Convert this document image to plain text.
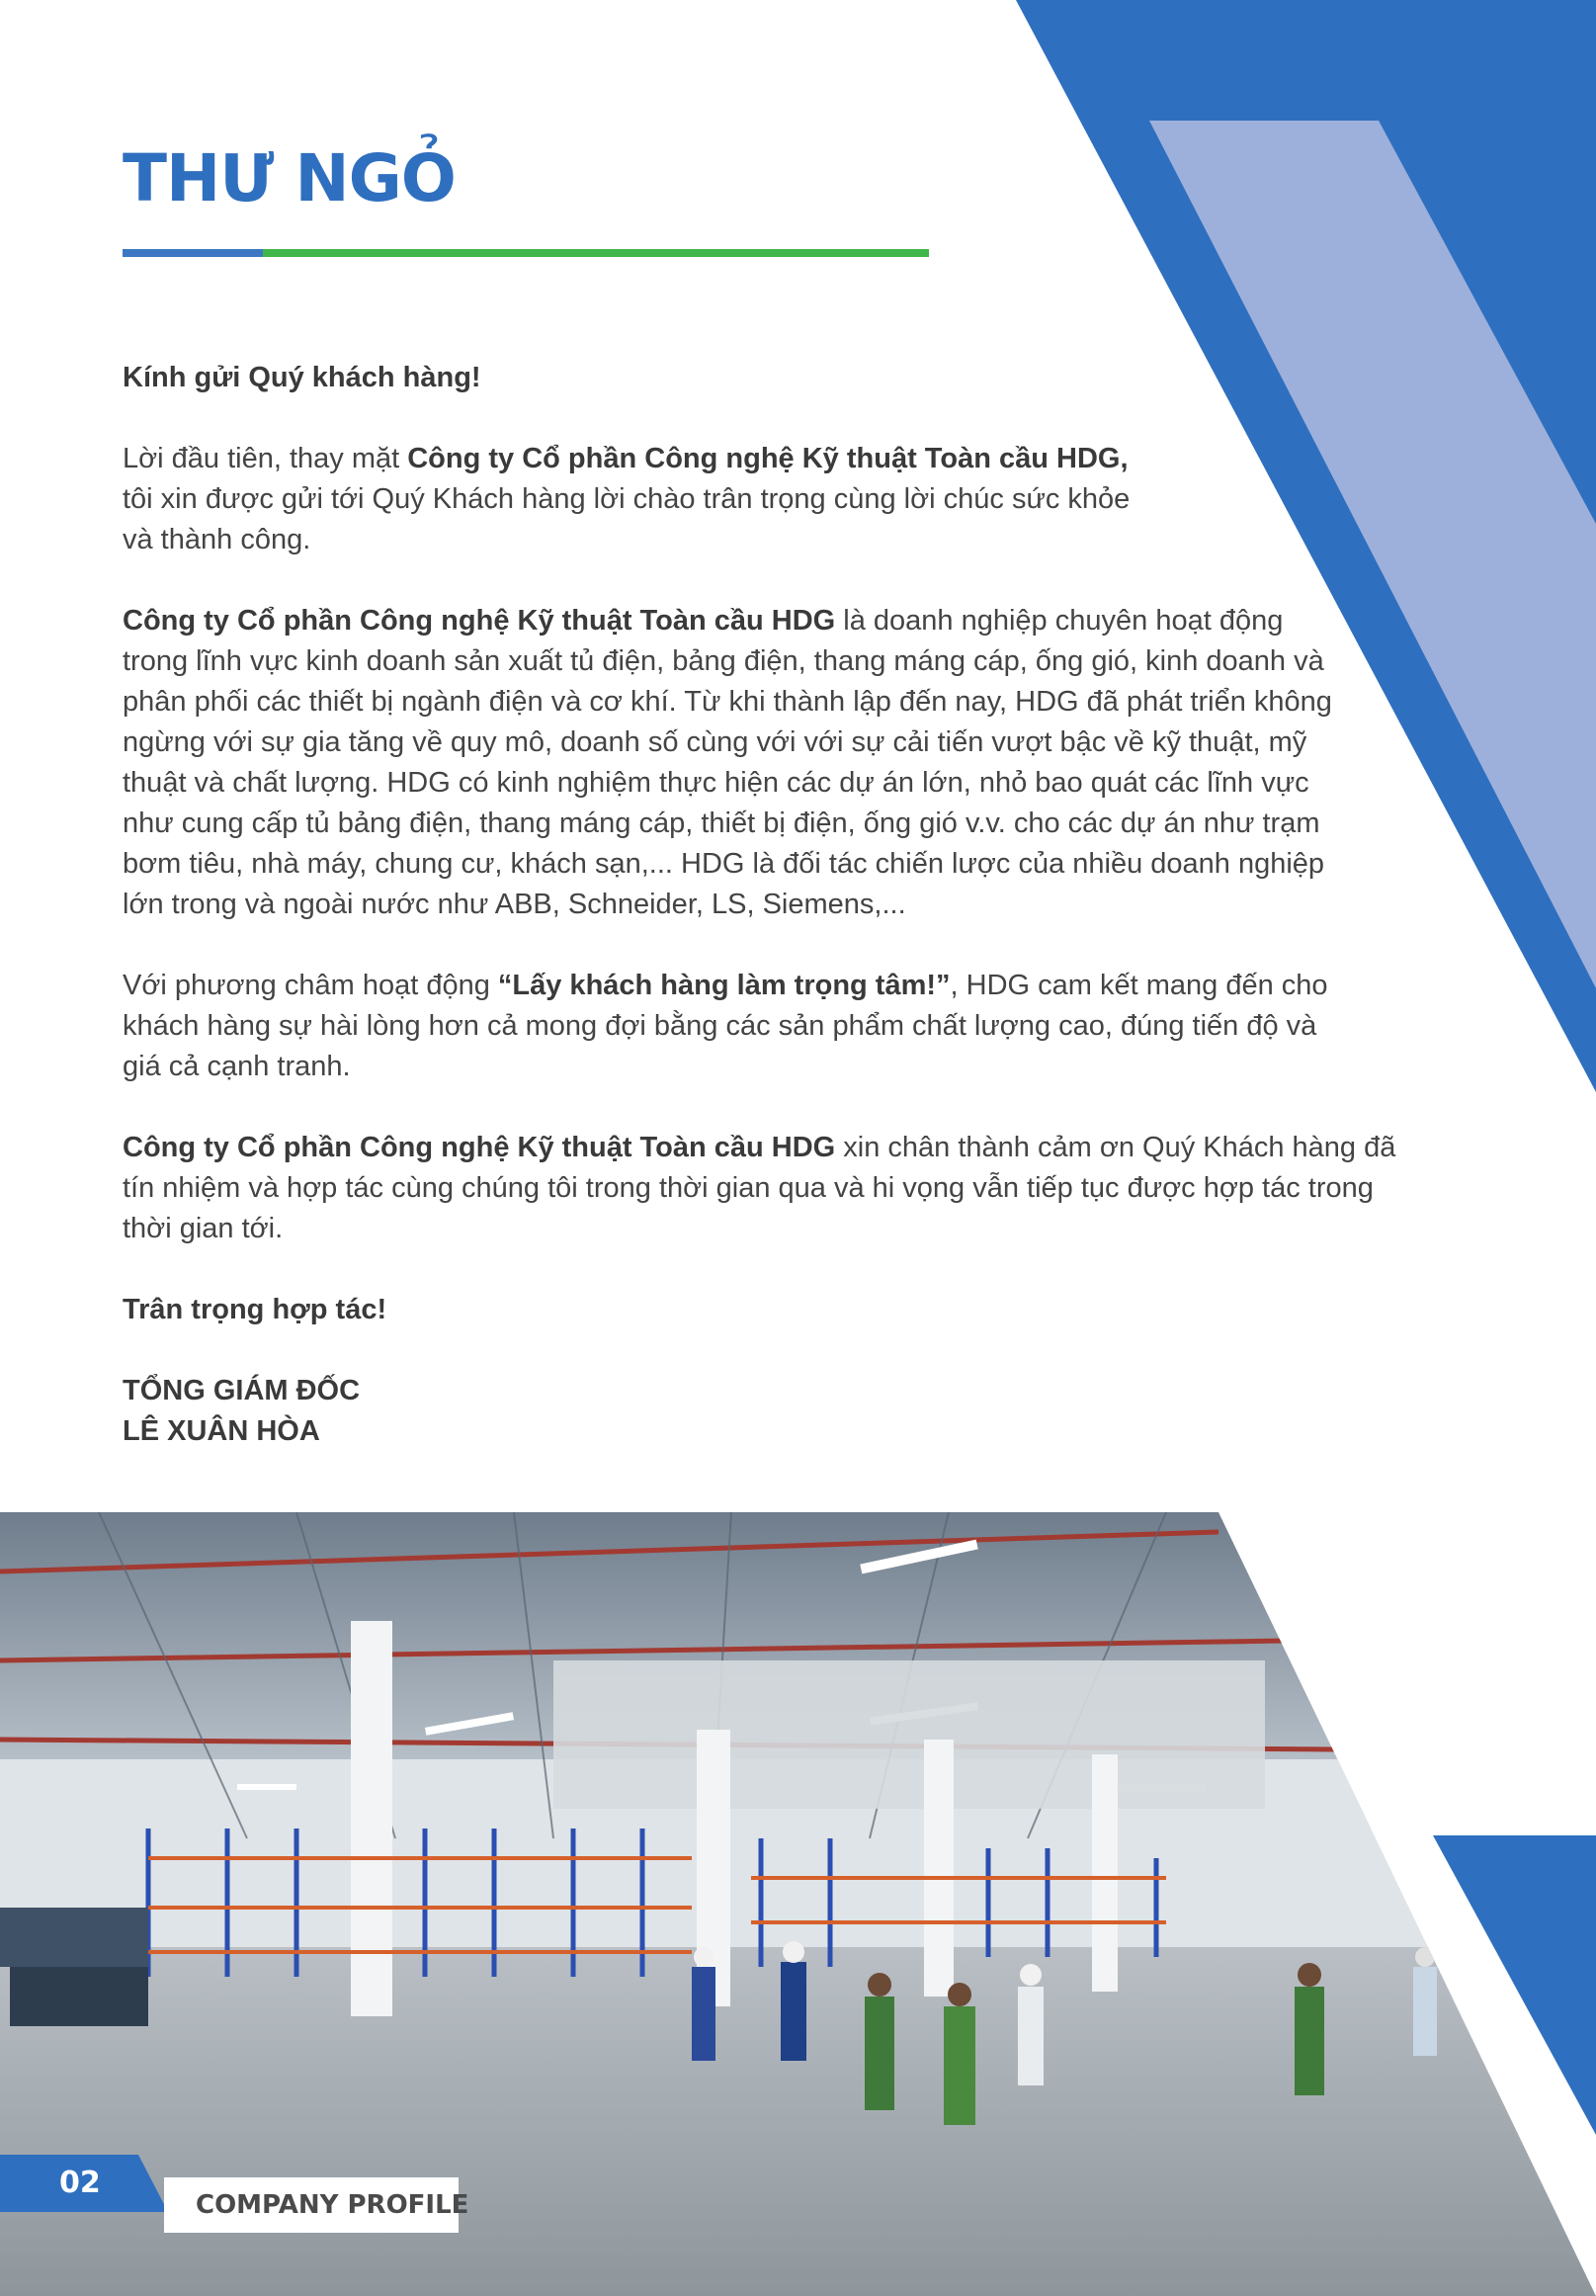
THƯ NGỎ

Kính gửi Quý khách hàng!

Lời đầu tiên, thay mặt Công ty Cổ phần Công nghệ Kỹ thuật Toàn cầu HDG, tôi xin được gửi tới Quý Khách hàng lời chào trân trọng cùng lời chúc sức khỏe và thành công.

Công ty Cổ phần Công nghệ Kỹ thuật Toàn cầu HDG là doanh nghiệp chuyên hoạt động trong lĩnh vực kinh doanh sản xuất tủ điện, bảng điện, thang máng cáp, ống gió, kinh doanh và phân phối các thiết bị ngành điện và cơ khí. Từ khi thành lập đến nay, HDG đã phát triển không ngừng với sự gia tăng về quy mô, doanh số cùng với với sự cải tiến vượt bậc về kỹ thuật, mỹ thuật và chất lượng. HDG có kinh nghiệm thực hiện các dự án lớn, nhỏ bao quát các lĩnh vực như cung cấp tủ bảng điện, thang máng cáp, thiết bị điện, ống gió v.v. cho các dự án như trạm bơm tiêu, nhà máy, chung cư, khách sạn,... HDG là đối tác chiến lược của nhiều doanh nghiệp lớn trong và ngoài nước như ABB, Schneider, LS, Siemens,...

Với phương châm hoạt động “Lấy khách hàng làm trọng tâm!”, HDG cam kết mang đến cho khách hàng sự hài lòng hơn cả mong đợi bằng các sản phẩm chất lượng cao, đúng tiến độ và giá cả cạnh tranh.

Công ty Cổ phần Công nghệ Kỹ thuật Toàn cầu HDG xin chân thành cảm ơn Quý Khách hàng đã tín nhiệm và hợp tác cùng chúng tôi trong thời gian qua và hi vọng vẫn tiếp tục được hợp tác trong thời gian tới.

Trân trọng hợp tác!

TỔNG GIÁM ĐỐC
LÊ XUÂN HÒA
02
COMPANY PROFILE
